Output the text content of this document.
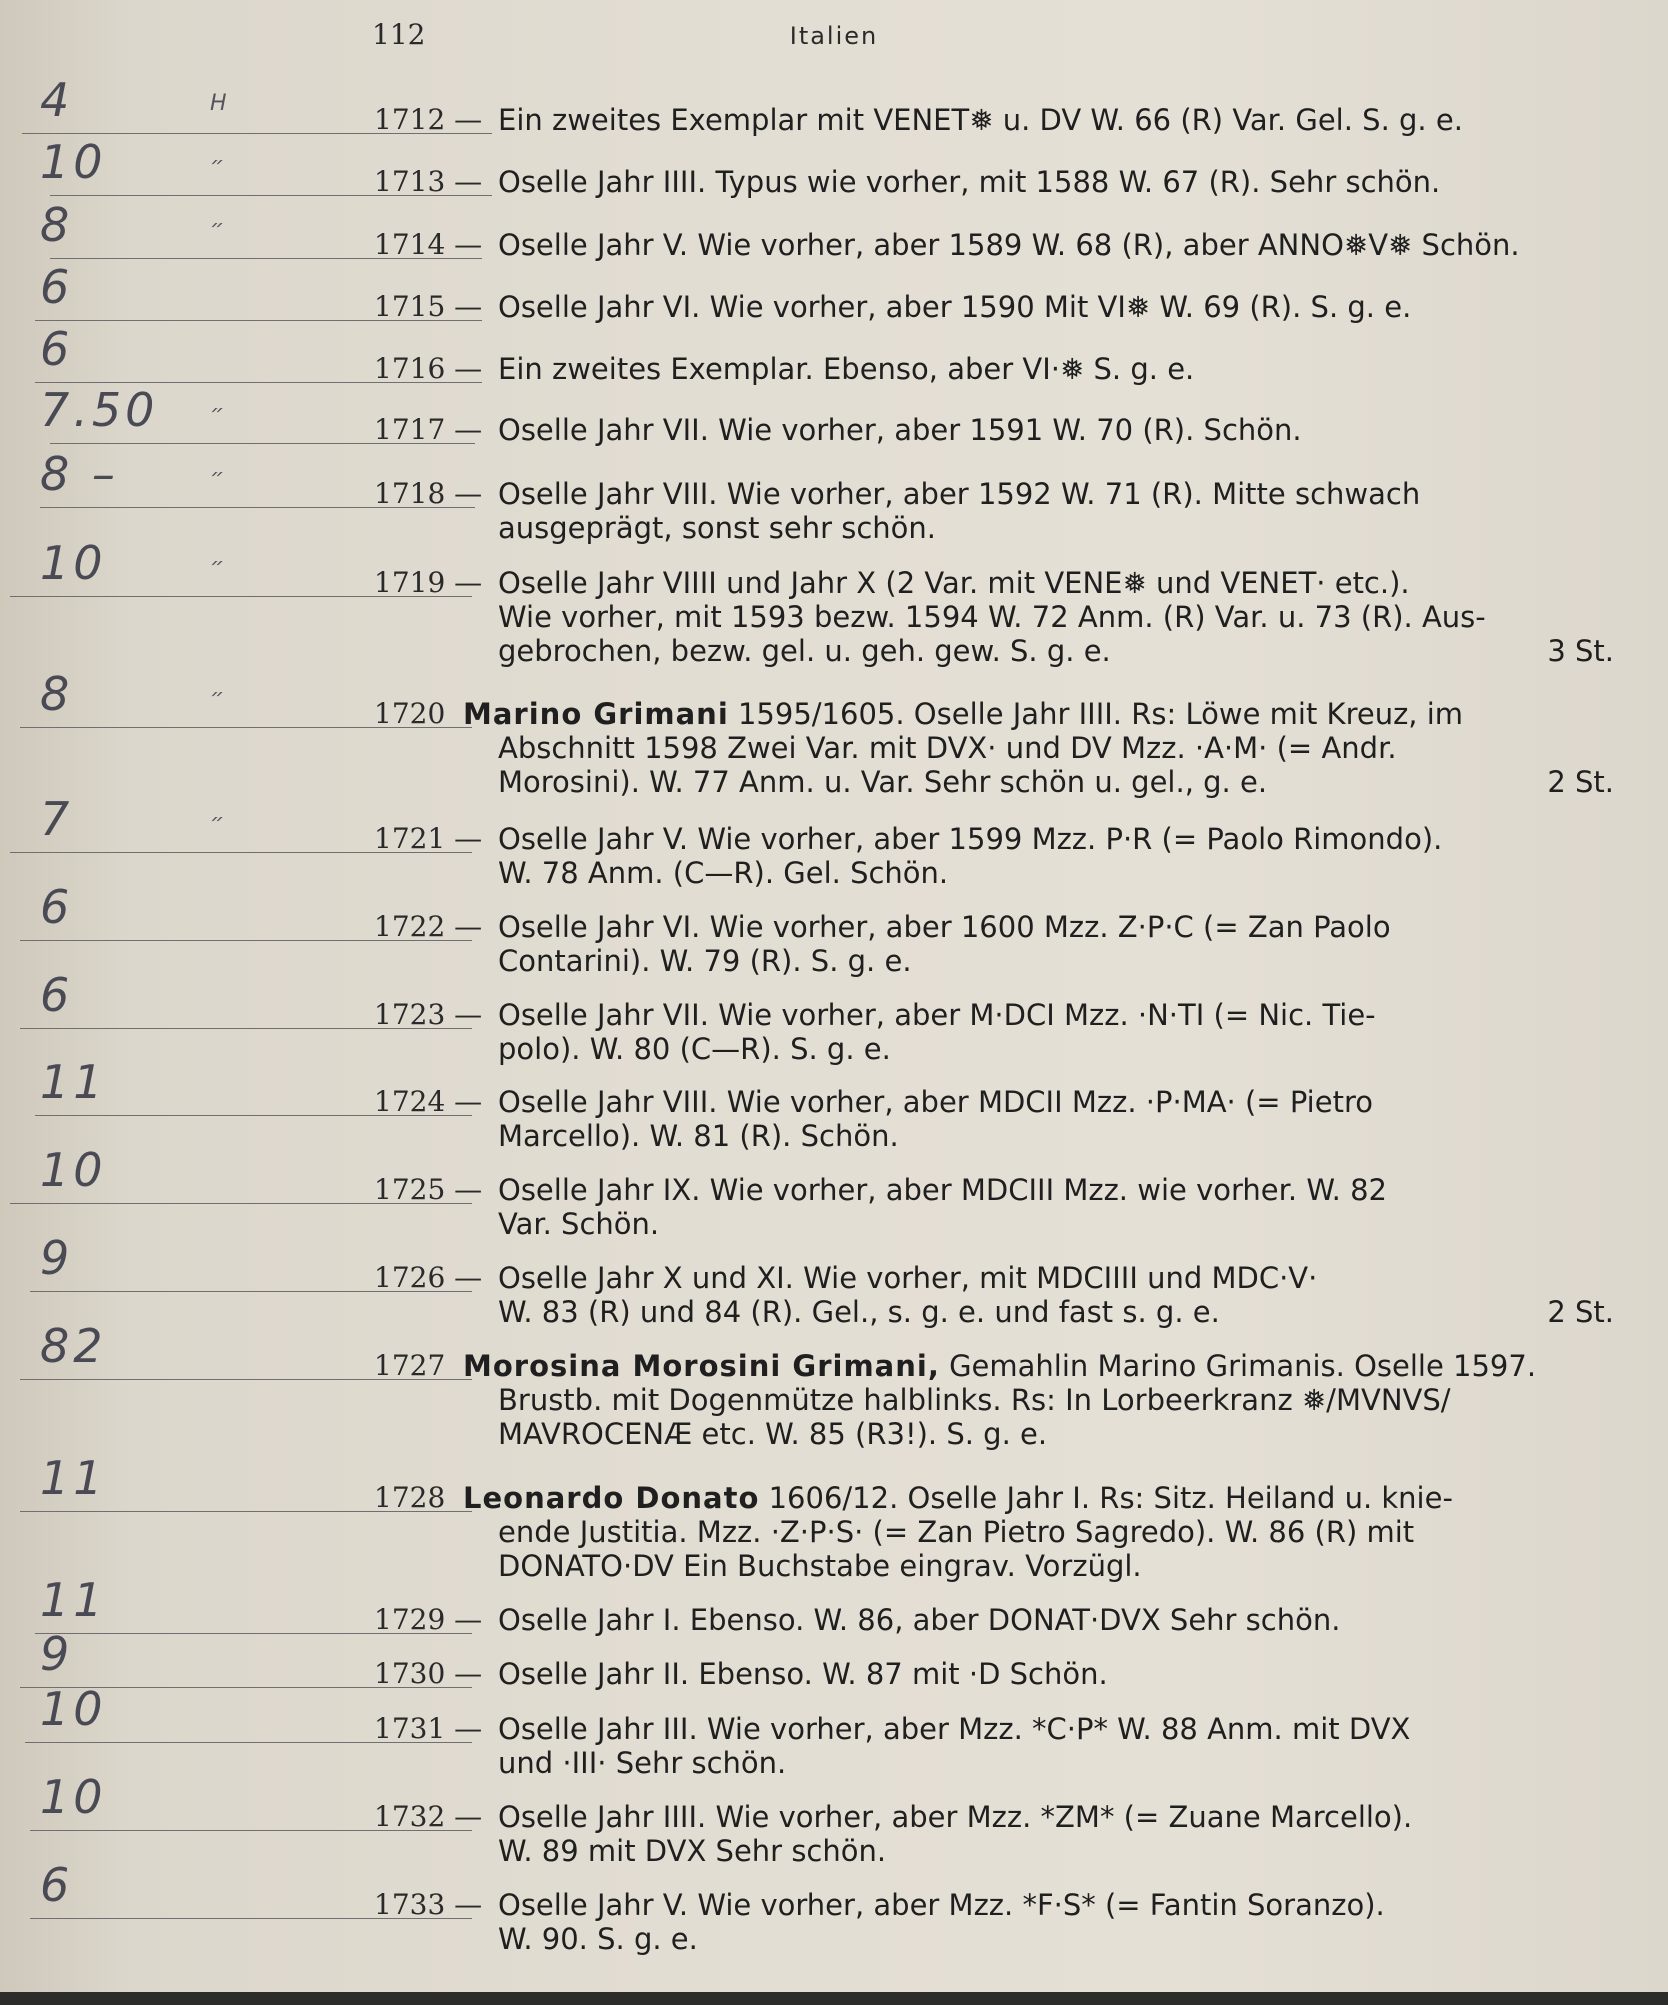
112	Italien
4	H	1712 — Ein zweites Exemplar mit VENET❅ u. DV W. 66 (R) Var. Gel. S. g. e.
10	״	1713 — Oselle Jahr IIII. Typus wie vorher, mit 1588 W. 67 (R). Sehr schön.
8	״	1714 — Oselle Jahr V. Wie vorher, aber 1589 W. 68 (R), aber ANNO❅V❅ Schön.
6	1715 — Oselle Jahr VI. Wie vorher, aber 1590 Mit VI❅ W. 69 (R). S. g. e.
6	1716 — Ein zweites Exemplar. Ebenso, aber VI·❅ S. g. e.
7.50	״	1717 — Oselle Jahr VII. Wie vorher, aber 1591 W. 70 (R). Schön.
8 –	״	1718 — Oselle Jahr VIII. Wie vorher, aber 1592 W. 71 (R). Mitte schwach
ausgeprägt, sonst sehr schön.
10	״	1719 — Oselle Jahr VIIII und Jahr X (2 Var. mit VENE❅ und VENET· etc.).
Wie vorher, mit 1593 bezw. 1594 W. 72 Anm. (R) Var. u. 73 (R). Aus-
gebrochen, bezw. gel. u. geh. gew. S. g. e.	3 St.
8	״	1720 Marino Grimani 1595/1605. Oselle Jahr IIII. Rs: Löwe mit Kreuz, im
Abschnitt 1598 Zwei Var. mit DVX· und DV Mzz. ·A·M· (= Andr.
Morosini). W. 77 Anm. u. Var. Sehr schön u. gel., g. e.	2 St.
7	״	1721 — Oselle Jahr V. Wie vorher, aber 1599 Mzz. P·R (= Paolo Rimondo).
W. 78 Anm. (C—R). Gel. Schön.
6	1722 — Oselle Jahr VI. Wie vorher, aber 1600 Mzz. Z·P·C (= Zan Paolo
Contarini). W. 79 (R). S. g. e.
6	1723 — Oselle Jahr VII. Wie vorher, aber M·DCI Mzz. ·N·TI (= Nic. Tie-
polo). W. 80 (C—R). S. g. e.
11	1724 — Oselle Jahr VIII. Wie vorher, aber MDCII Mzz. ·P·MA· (= Pietro
Marcello). W. 81 (R). Schön.
10	1725 — Oselle Jahr IX. Wie vorher, aber MDCIII Mzz. wie vorher. W. 82
Var. Schön.
9	1726 — Oselle Jahr X und XI. Wie vorher, mit MDCIIII und MDC·V·
W. 83 (R) und 84 (R). Gel., s. g. e. und fast s. g. e.	2 St.
82	1727 Morosina Morosini Grimani, Gemahlin Marino Grimanis. Oselle 1597.
Brustb. mit Dogenmütze halblinks. Rs: In Lorbeerkranz ❅/MVNVS/
MAVROCENÆ etc. W. 85 (R3!). S. g. e.
11	1728 Leonardo Donato 1606/12. Oselle Jahr I. Rs: Sitz. Heiland u. knie-
ende Justitia. Mzz. ·Z·P·S· (= Zan Pietro Sagredo). W. 86 (R) mit
DONATO·DV Ein Buchstabe eingrav. Vorzügl.
11	1729 — Oselle Jahr I. Ebenso. W. 86, aber DONAT·DVX Sehr schön.
9	1730 — Oselle Jahr II. Ebenso. W. 87 mit ·D Schön.
10	1731 — Oselle Jahr III. Wie vorher, aber Mzz. *C·P* W. 88 Anm. mit DVX
und ·III· Sehr schön.
10	1732 — Oselle Jahr IIII. Wie vorher, aber Mzz. *ZM* (= Zuane Marcello).
W. 89 mit DVX Sehr schön.
6	1733 — Oselle Jahr V. Wie vorher, aber Mzz. *F·S* (= Fantin Soranzo).
W. 90. S. g. e.
